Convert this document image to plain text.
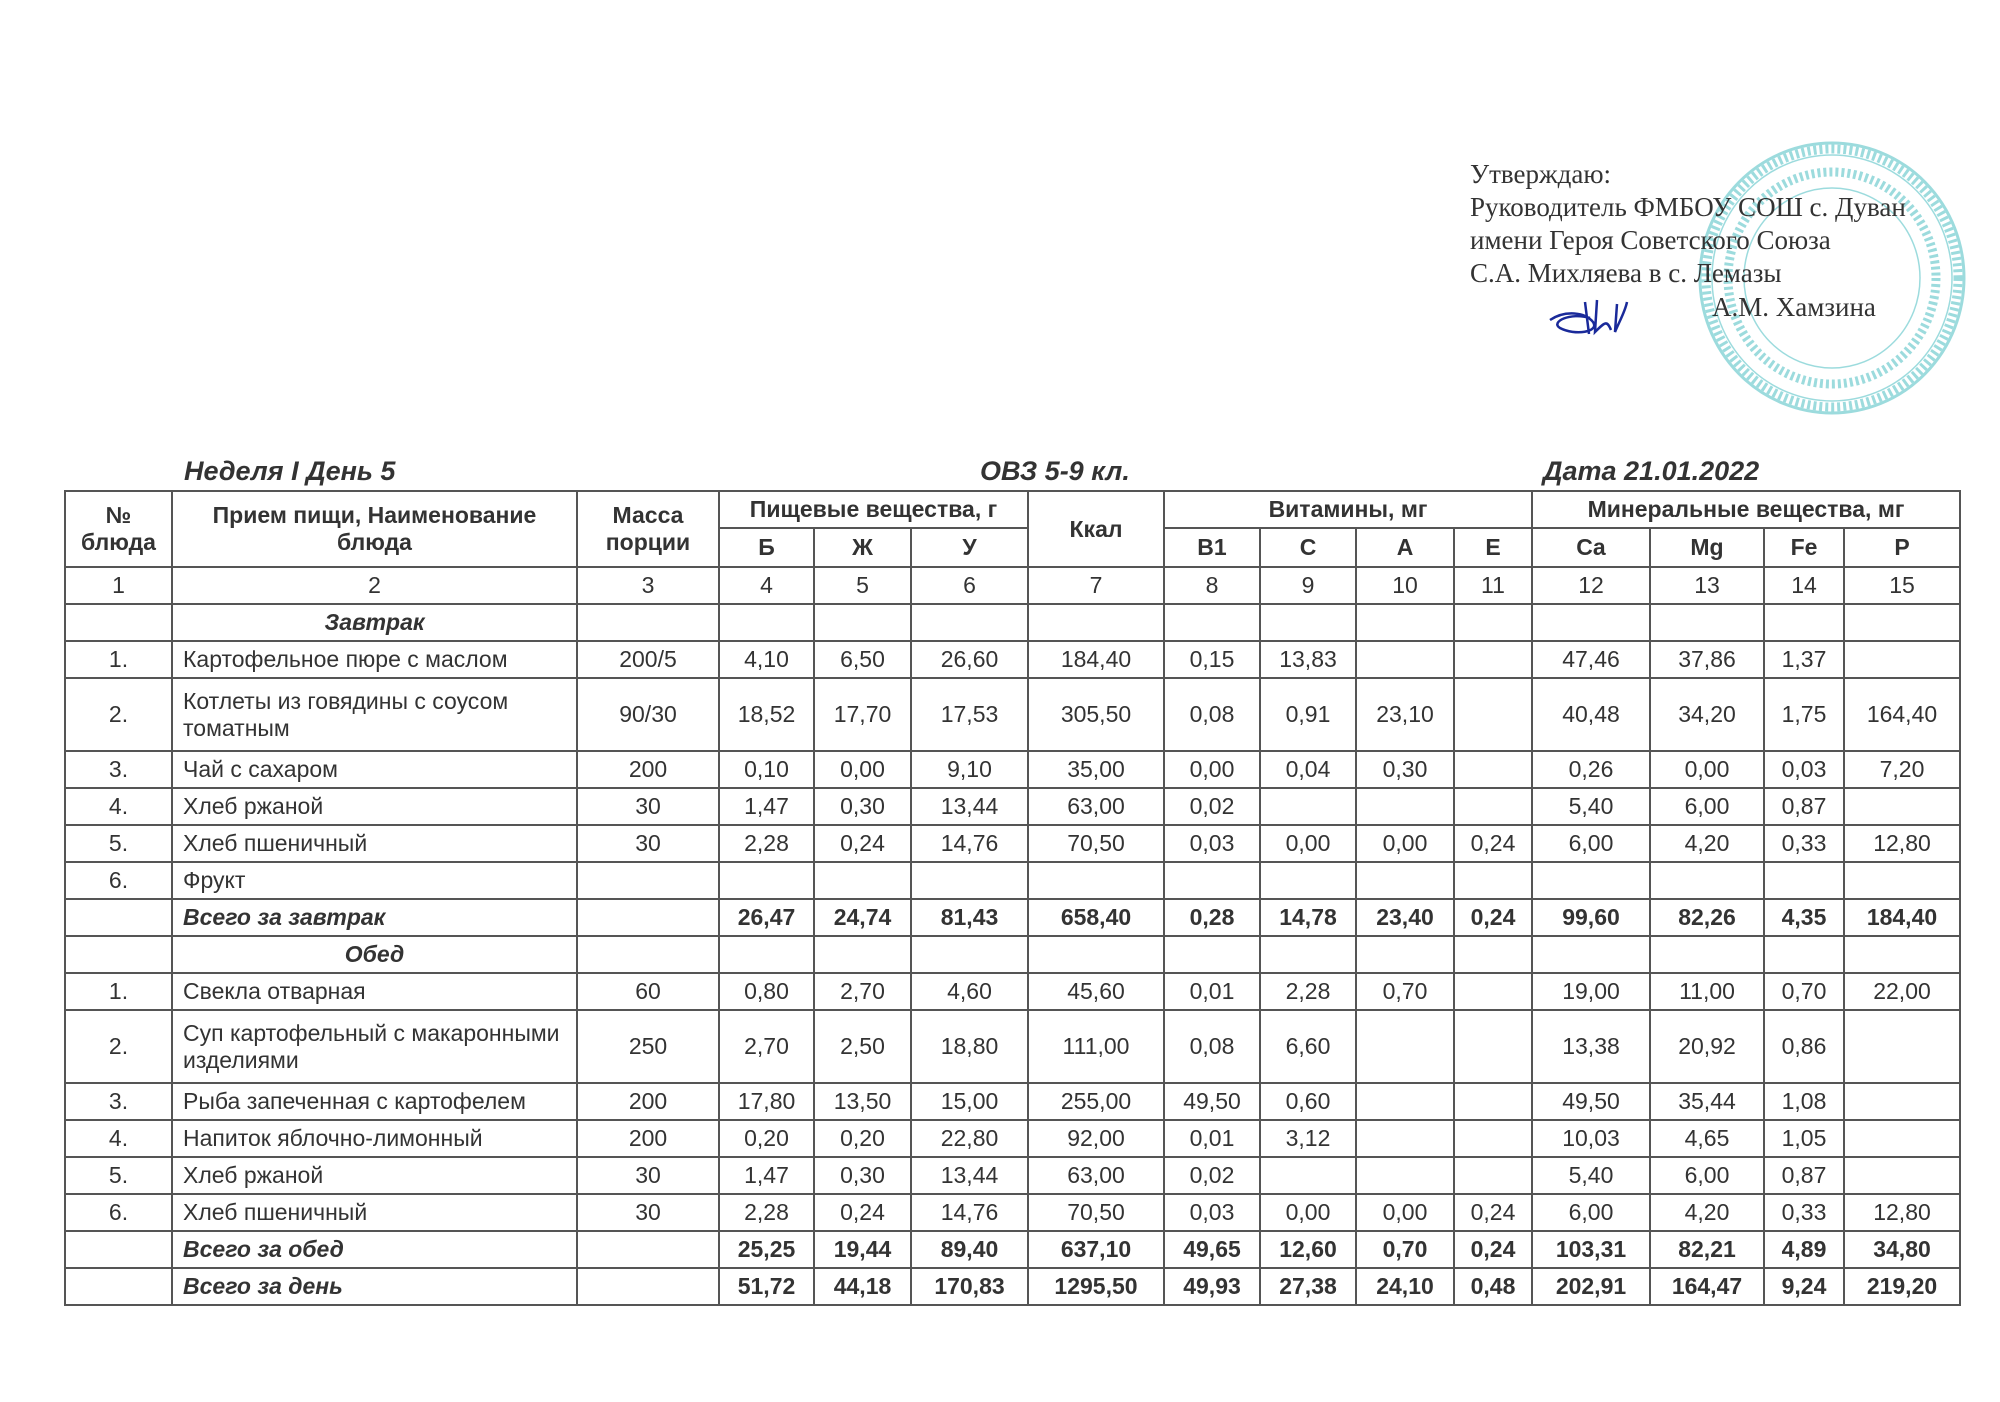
Утверждаю:
Руководитель ФМБОУ СОШ с. Дуван
имени Героя Советского Союза
С.А. Михляева в с. Лемазы
А.М. Хамзина
Неделя I День 5	ОВЗ 5-9 кл.	Дата 21.01.2022
№ блюда	Прием пищи, Наименование блюда	Масса порции	Пищевые вещества, г			Ккал	Витамины, мг				Минеральные вещества, мг			
			Б	Ж	У		В1	С	А	Е	Ca	Mg	Fe	P
1	2	3	4	5	6	7	8	9	10	11	12	13	14	15
	Завтрак													
1.	Картофельное пюре с маслом	200/5	4,10	6,50	26,60	184,40	0,15	13,83			47,46	37,86	1,37	
2.	Котлеты из говядины с соусом томатным	90/30	18,52	17,70	17,53	305,50	0,08	0,91	23,10		40,48	34,20	1,75	164,40
3.	Чай с сахаром	200	0,10	0,00	9,10	35,00	0,00	0,04	0,30		0,26	0,00	0,03	7,20
4.	Хлеб ржаной	30	1,47	0,30	13,44	63,00	0,02				5,40	6,00	0,87	
5.	Хлеб пшеничный	30	2,28	0,24	14,76	70,50	0,03	0,00	0,00	0,24	6,00	4,20	0,33	12,80
6.	Фрукт													
	Всего за завтрак		26,47	24,74	81,43	658,40	0,28	14,78	23,40	0,24	99,60	82,26	4,35	184,40
	Обед													
1.	Свекла отварная	60	0,80	2,70	4,60	45,60	0,01	2,28	0,70		19,00	11,00	0,70	22,00
2.	Суп картофельный с макаронными изделиями	250	2,70	2,50	18,80	111,00	0,08	6,60			13,38	20,92	0,86	
3.	Рыба запеченная с картофелем	200	17,80	13,50	15,00	255,00	49,50	0,60			49,50	35,44	1,08	
4.	Напиток яблочно-лимонный	200	0,20	0,20	22,80	92,00	0,01	3,12			10,03	4,65	1,05	
5.	Хлеб ржаной	30	1,47	0,30	13,44	63,00	0,02				5,40	6,00	0,87	
6.	Хлеб пшеничный	30	2,28	0,24	14,76	70,50	0,03	0,00	0,00	0,24	6,00	4,20	0,33	12,80
	Всего за обед		25,25	19,44	89,40	637,10	49,65	12,60	0,70	0,24	103,31	82,21	4,89	34,80
	Всего за день		51,72	44,18	170,83	1295,50	49,93	27,38	24,10	0,48	202,91	164,47	9,24	219,20
